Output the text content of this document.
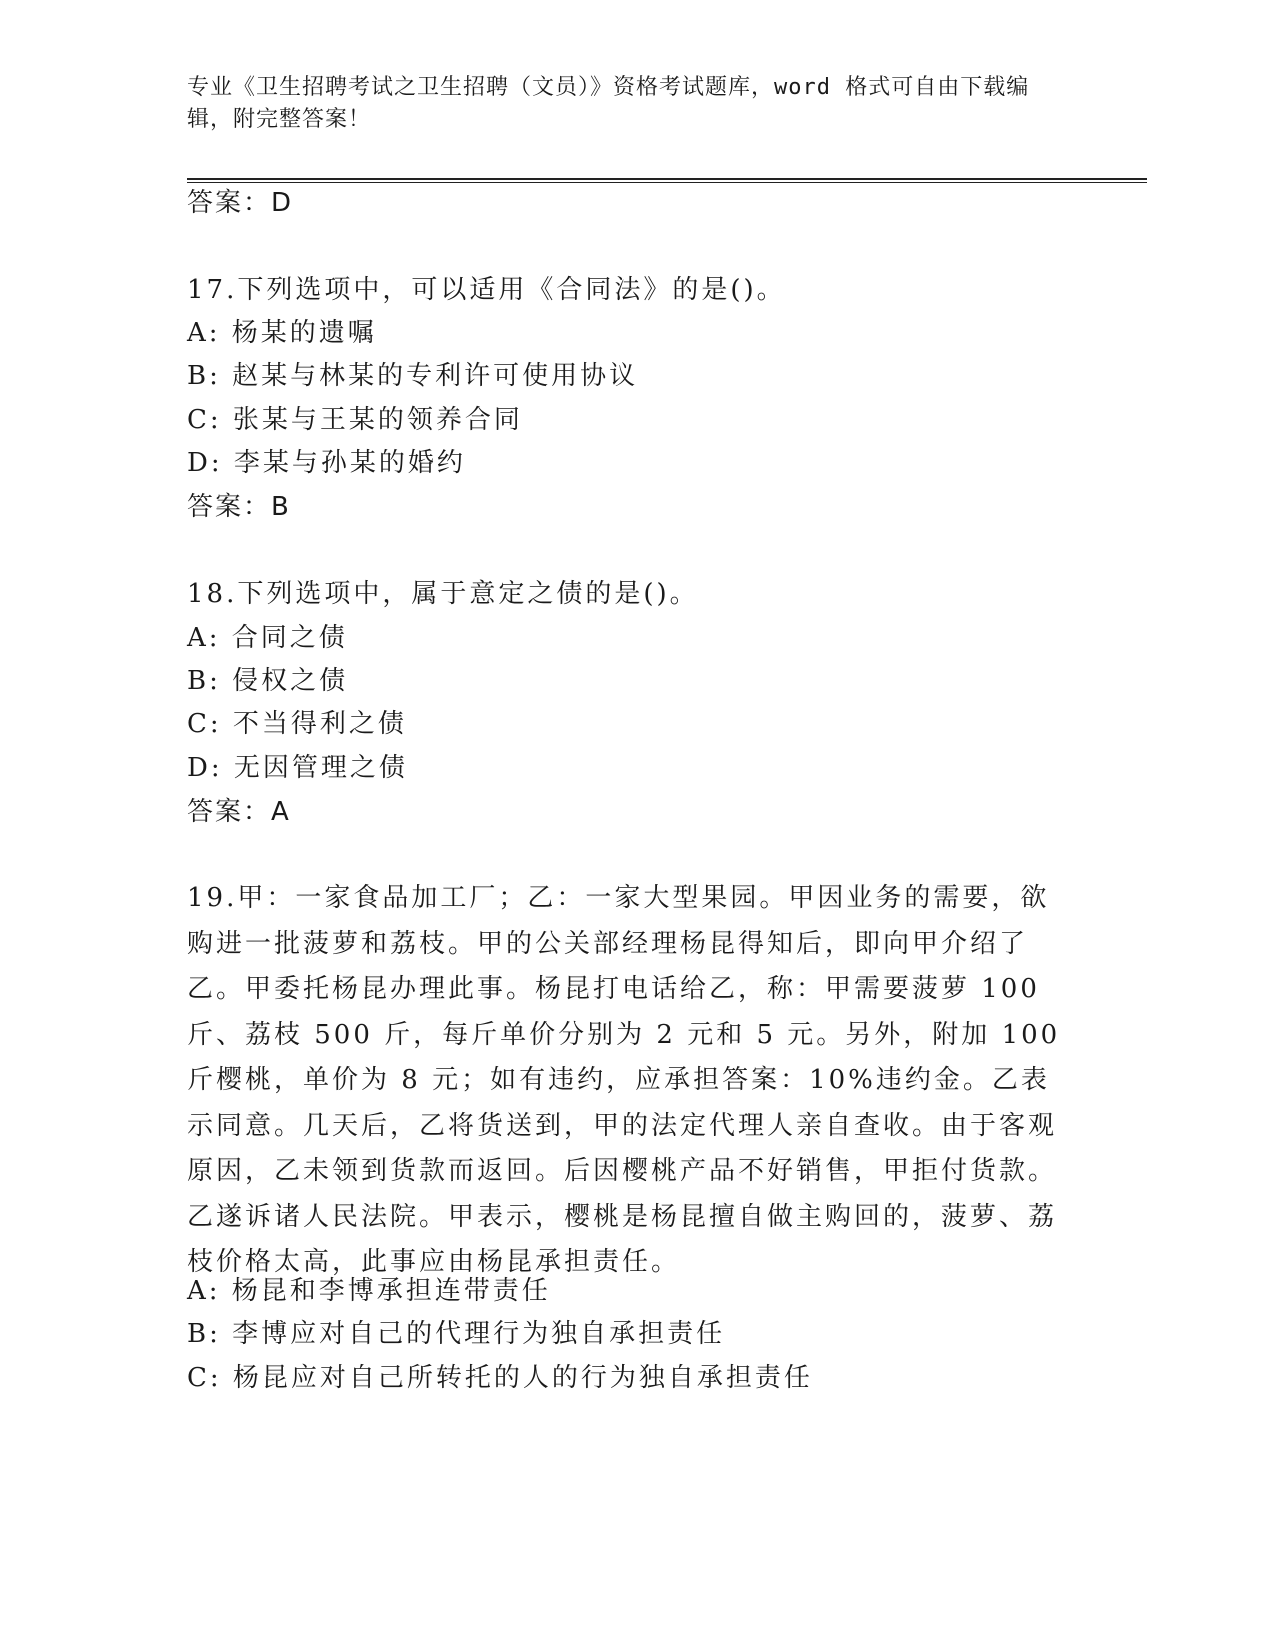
专业《卫生招聘考试之卫生招聘（文员）》资格考试题库，word 格式可自由下载编辑，附完整答案！
答案：D
17.下列选项中，可以适用《合同法》的是()。
A: 杨某的遗嘱
B: 赵某与林某的专利许可使用协议
C: 张某与王某的领养合同
D: 李某与孙某的婚约
答案：B
18.下列选项中，属于意定之债的是()。
A: 合同之债
B: 侵权之债
C: 不当得利之债
D: 无因管理之债
答案：A
19.甲：一家食品加工厂；乙：一家大型果园。甲因业务的需要，欲购进一批菠萝和荔枝。甲的公关部经理杨昆得知后，即向甲介绍了乙。甲委托杨昆办理此事。杨昆打电话给乙，称：甲需要菠萝 100 斤、荔枝 500 斤，每斤单价分别为 2 元和 5 元。另外，附加 100 斤樱桃，单价为 8 元；如有违约，应承担答案：10%违约金。乙表示同意。几天后，乙将货送到，甲的法定代理人亲自查收。由于客观原因，乙未领到货款而返回。后因樱桃产品不好销售，甲拒付货款。乙遂诉诸人民法院。甲表示，樱桃是杨昆擅自做主购回的，菠萝、荔枝价格太高，此事应由杨昆承担责任。
A: 杨昆和李博承担连带责任
B: 李博应对自己的代理行为独自承担责任
C: 杨昆应对自己所转托的人的行为独自承担责任
